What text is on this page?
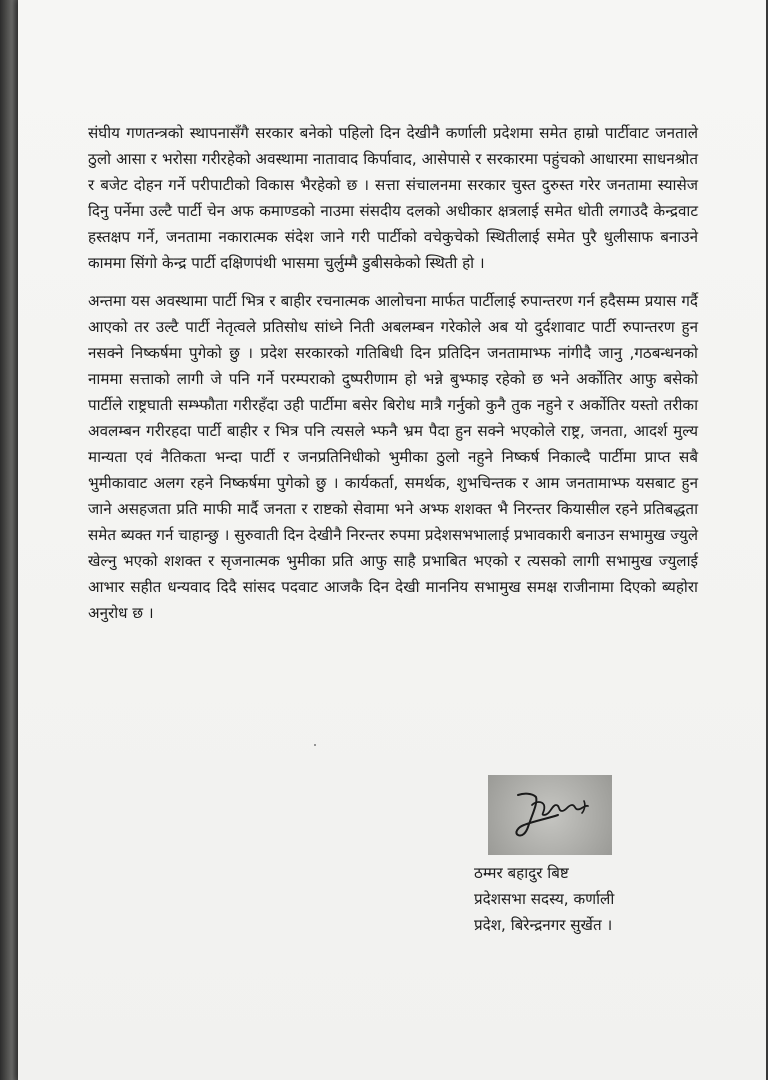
संघीय गणतन्त्रको स्थापनासँगै सरकार बनेको पहिलो दिन देखीनै कर्णाली प्रदेशमा समेत हाम्रो पार्टीवाट जनताले ठुलो आसा र भरोसा गरीरहेको अवस्थामा नातावाद किर्पावाद, आसेपासे र सरकारमा पहुंचको आधारमा साधनश्रोत र बजेट दोहन गर्ने परीपाटीको विकास भैरहेको छ । सत्ता संचालनमा सरकार चुस्त दुरुस्त गरेर जनतामा स्यासेज दिनु पर्नेमा उल्टै पार्टी चेन अफ कमाण्डको नाउमा संसदीय दलको अधीकार क्षत्रलाई समेत धोती लगाउदै केन्द्रवाट हस्तक्षप गर्ने, जनतामा नकारात्मक संदेश जाने गरी पार्टीको वचेकुचेको स्थितीलाई समेत पुरै धुलीसाफ बनाउने काममा सिंगो केन्द्र पार्टी दक्षिणपंथी भासमा चुर्लुम्मै डुबीसकेको स्थिती हो ।

अन्तमा यस अवस्थामा पार्टी भित्र र बाहीर रचनात्मक आलोचना मार्फत पार्टीलाई रुपान्तरण गर्न हदैसम्म प्रयास गर्दै आएको तर उल्टै पार्टी नेतृत्वले प्रतिसोध सांध्ने निती अबलम्बन गरेकोले अब यो दुर्दशावाट पार्टी रुपान्तरण हुन नसक्ने निष्कर्षमा पुगेको छु । प्रदेश सरकारको गतिबिधी दिन प्रतिदिन जनतामाभ्फ नांगीदै जानु ,गठबन्धनको नाममा सत्ताको लागी जे पनि गर्ने परम्पराको दुष्परीणाम हो भन्ने बुभ्फाइ रहेको छ भने अर्कोतिर आफु बसेको पार्टीले राष्ट्रघाती सम्भ्फौता गरीरहँदा उही पार्टीमा बसेर बिरोध मात्रै गर्नुको कुनै तुक नहुने र अर्कोतिर यस्तो तरीका अवलम्बन गरीरहदा पार्टी बाहीर र भित्र पनि त्यसले भ्फनै भ्रम पैदा हुन सक्ने भएकोले राष्ट्र, जनता, आदर्श मुल्य मान्यता एवं नैतिकता भन्दा पार्टी र जनप्रतिनिधीको भुमीका ठुलो नहुने निष्कर्ष निकाल्दै पार्टीमा प्राप्त सबै भुमीकावाट अलग रहने निष्कर्षमा पुगेको छु । कार्यकर्ता, समर्थक, शुभचिन्तक र आम जनतामाभ्फ यसबाट हुन जाने असहजता प्रति माफी मार्दै जनता र राष्टको सेवामा भने अभ्फ शशक्त भै निरन्तर कियासील रहने प्रतिबद्धता समेत ब्यक्त गर्न चाहान्छु । सुरुवाती दिन देखीनै निरन्तर रुपमा प्रदेशसभभालाई प्रभावकारी बनाउन सभामुख ज्युले खेल्नु भएको शशक्त र सृजनात्मक भुमीका प्रति आफु साहै प्रभाबित भएको र त्यसको लागी सभामुख ज्युलाई आभार सहीत धन्यवाद दिदै सांसद पदवाट आजकै दिन देखी माननिय सभामुख समक्ष राजीनामा दिएको ब्यहोरा अनुरोध छ ।

ठम्मर बहादुर बिष्ट
प्रदेशसभा सदस्य, कर्णाली
प्रदेश, बिरेन्द्रनगर सुर्खेत ।
